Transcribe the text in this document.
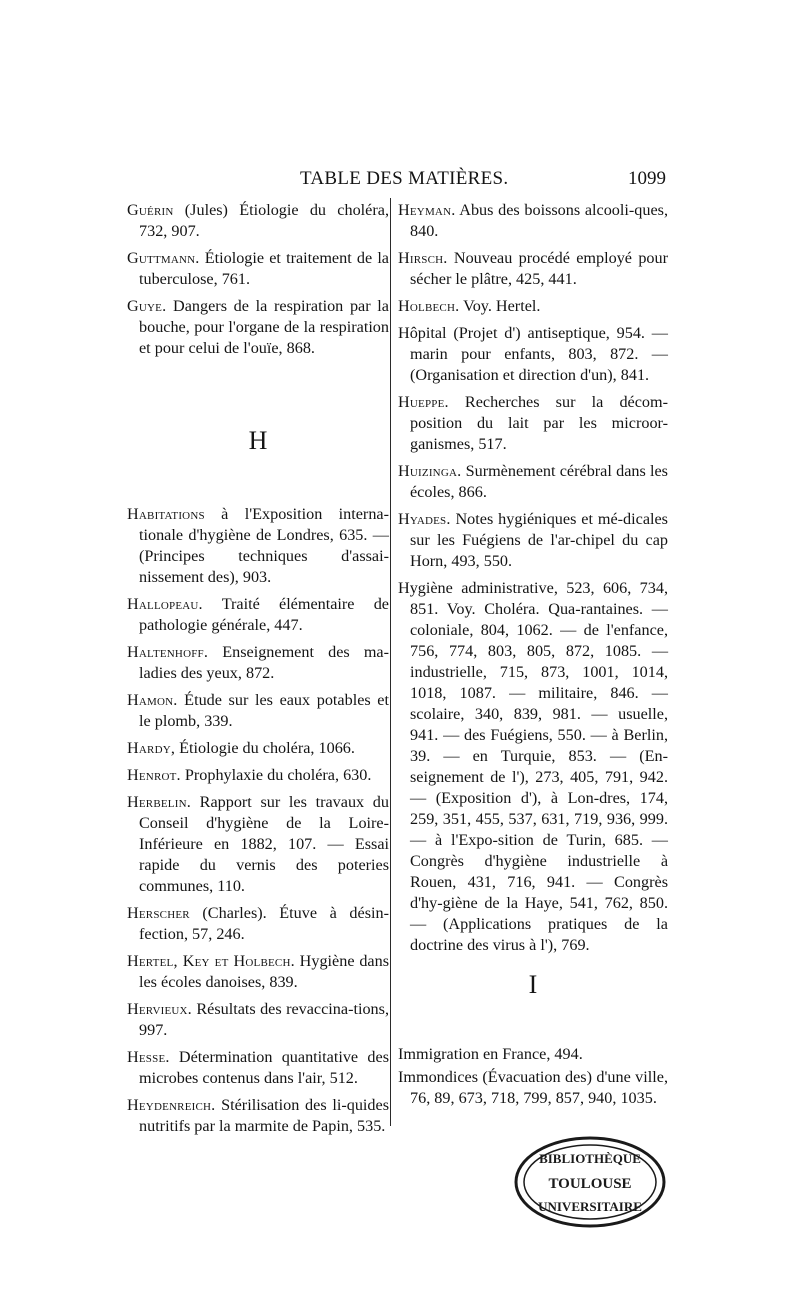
TABLE DES MATIÈRES.	1099

Guérin (Jules) Étiologie du choléra, 732, 907.

Guttmann. Étiologie et traitement de la tuberculose, 761.

Guye. Dangers de la respiration par la bouche, pour l'organe de la respiration et pour celui de l'ouïe, 868.

H

Habitations à l'Exposition interna-tionale d'hygiène de Londres, 635. — (Principes techniques d'assai-nissement des), 903.

Hallopeau. Traité élémentaire de pathologie générale, 447.

Haltenhoff. Enseignement des ma-ladies des yeux, 872.

Hamon. Étude sur les eaux potables et le plomb, 339.

Hardy, Étiologie du choléra, 1066.

Henrot. Prophylaxie du choléra, 630.

Herbelin. Rapport sur les travaux du Conseil d'hygiène de la Loire-Inférieure en 1882, 107. — Essai rapide du vernis des poteries communes, 110.

Herscher (Charles). Étuve à désin-fection, 57, 246.

Hertel, Key et Holbech. Hygiène dans les écoles danoises, 839.

Hervieux. Résultats des revaccina-tions, 997.

Hesse. Détermination quantitative des microbes contenus dans l'air, 512.

Heydenreich. Stérilisation des li-quides nutritifs par la marmite de Papin, 535.

Heyman. Abus des boissons alcooli-ques, 840.

Hirsch. Nouveau procédé employé pour sécher le plâtre, 425, 441.

Holbech. Voy. Hertel.

Hôpital (Projet d') antiseptique, 954. — marin pour enfants, 803, 872. — (Organisation et direction d'un), 841.

Hueppe. Recherches sur la décom-position du lait par les microor-ganismes, 517.

Huizinga. Surmènement cérébral dans les écoles, 866.

Hyades. Notes hygiéniques et mé-dicales sur les Fuégiens de l'ar-chipel du cap Horn, 493, 550.

Hygiène administrative, 523, 606, 734, 851. Voy. Choléra. Qua-rantaines. — coloniale, 804, 1062. — de l'enfance, 756, 774, 803, 805, 872, 1085. — industrielle, 715, 873, 1001, 1014, 1018, 1087. — militaire, 846. — scolaire, 340, 839, 981. — usuelle, 941. — des Fuégiens, 550. — à Berlin, 39. — en Turquie, 853. — (En-seignement de l'), 273, 405, 791, 942. — (Exposition d'), à Lon-dres, 174, 259, 351, 455, 537, 631, 719, 936, 999. — à l'Expo-sition de Turin, 685. — Congrès d'hygiène industrielle à Rouen, 431, 716, 941. — Congrès d'hy-giène de la Haye, 541, 762, 850. — (Applications pratiques de la doctrine des virus à l'), 769.

I

Immigration en France, 494.

Immondices (Évacuation des) d'une ville, 76, 89, 673, 718, 799, 857, 940, 1035.

BIBLIOTHÈQUE
TOULOUSE
UNIVERSITAIRE
